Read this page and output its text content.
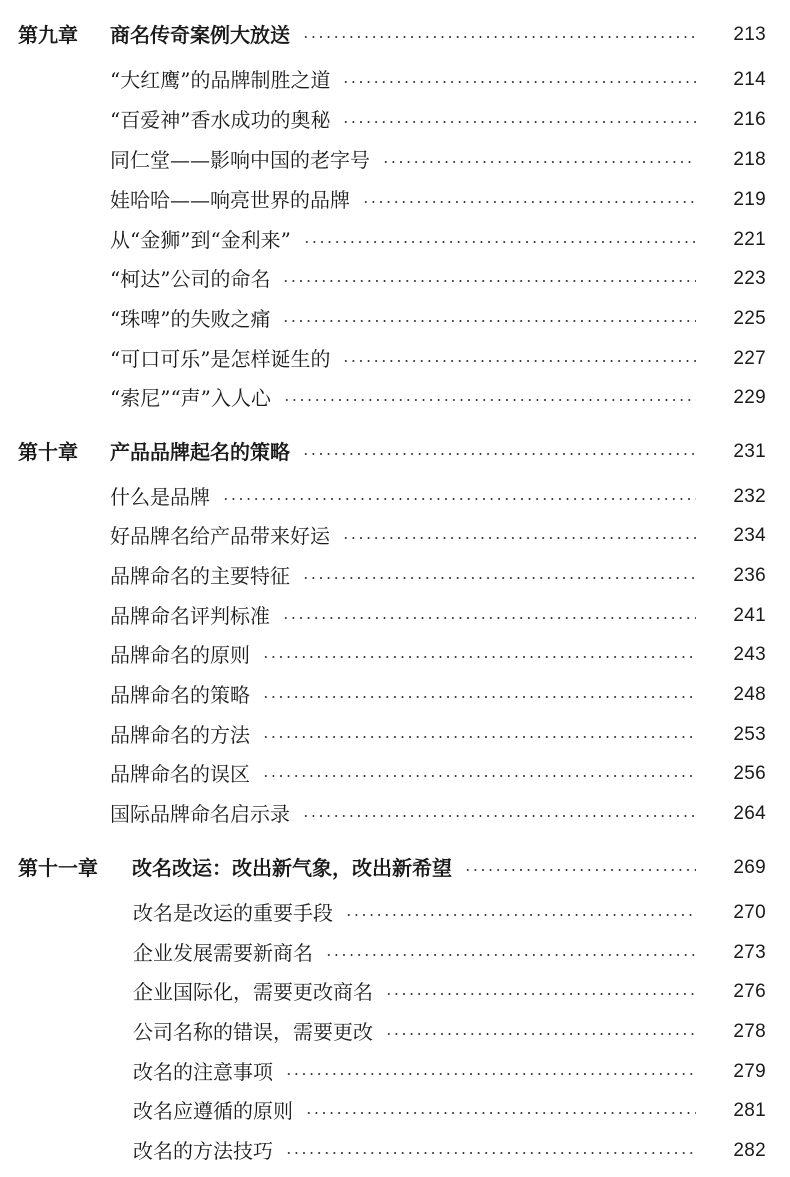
第九章	商名传奇案例大放送	213
“大红鹰”的品牌制胜之道	214
“百爱神”香水成功的奥秘	216
同仁堂——影响中国的老字号	218
娃哈哈——响亮世界的品牌	219
从“金狮”到“金利来”	221
“柯达”公司的命名	223
“珠啤”的失败之痛	225
“可口可乐”是怎样诞生的	227
“索尼”“声”入人心	229
第十章	产品品牌起名的策略	231
什么是品牌	232
好品牌名给产品带来好运	234
品牌命名的主要特征	236
品牌命名评判标准	241
品牌命名的原则	243
品牌命名的策略	248
品牌命名的方法	253
品牌命名的误区	256
国际品牌命名启示录	264
第十一章	改名改运：改出新气象，改出新希望	269
改名是改运的重要手段	270
企业发展需要新商名	273
企业国际化，需要更改商名	276
公司名称的错误，需要更改	278
改名的注意事项	279
改名应遵循的原则	281
改名的方法技巧	282
